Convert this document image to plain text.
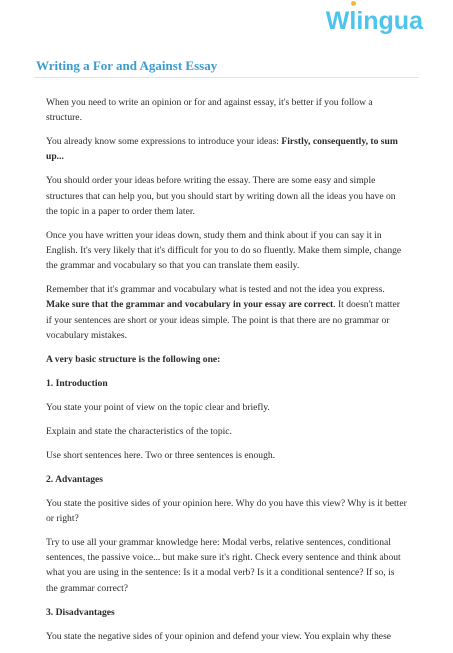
Wlingua
Writing a For and Against Essay

When you need to write an opinion or for and against essay, it's better if you follow a structure.

You already know some expressions to introduce your ideas: Firstly, consequently, to sum up...

You should order your ideas before writing the essay. There are some easy and simple structures that can help you, but you should start by writing down all the ideas you have on the topic in a paper to order them later.

Once you have written your ideas down, study them and think about if you can say it in English. It's very likely that it's difficult for you to do so fluently. Make them simple, change the grammar and vocabulary so that you can translate them easily.

Remember that it's grammar and vocabulary what is tested and not the idea you express. Make sure that the grammar and vocabulary in your essay are correct. It doesn't matter if your sentences are short or your ideas simple. The point is that there are no grammar or vocabulary mistakes.

A very basic structure is the following one:

1. Introduction

You state your point of view on the topic clear and briefly.

Explain and state the characteristics of the topic.

Use short sentences here. Two or three sentences is enough.

2. Advantages

You state the positive sides of your opinion here. Why do you have this view? Why is it better or right?

Try to use all your grammar knowledge here: Modal verbs, relative sentences, conditional sentences, the passive voice... but make sure it's right. Check every sentence and think about what you are using in the sentence: Is it a modal verb? Is it a conditional sentence? If so, is the grammar correct?

3. Disadvantages

You state the negative sides of your opinion and defend your view. You explain why these
